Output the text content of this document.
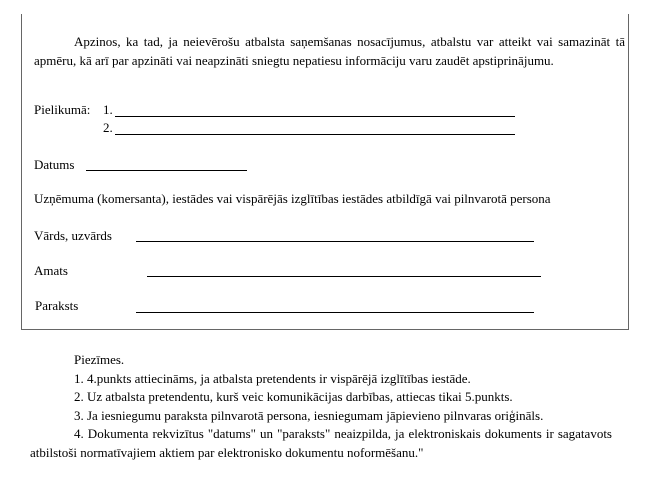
Apzinos, ka tad, ja neievērošu atbalsta saņemšanas nosacījumus, atbalstu var atteikt vai samazināt tā apmēru, kā arī par apzināti vai neapzināti sniegtu nepatiesu informāciju varu zaudēt apstiprinājumu.
Pielikumā: 1.
2.
Datums
Uzņēmuma (komersanta), iestādes vai vispārējās izglītības iestādes atbildīgā vai pilnvarotā persona
Vārds, uzvārds
Amats
Paraksts
Piezīmes.
1. 4.punkts attiecināms, ja atbalsta pretendents ir vispārējā izglītības iestāde.
2. Uz atbalsta pretendentu, kurš veic komunikācijas darbības, attiecas tikai 5.punkts.
3. Ja iesniegumu paraksta pilnvarotā persona, iesniegumam jāpievieno pilnvaras oriģināls.
4. Dokumenta rekvizītus "datums" un "paraksts" neaizpilda, ja elektroniskais dokuments ir sagatavots atbilstoši normatīvajiem aktiem par elektronisko dokumentu noformēšanu."
